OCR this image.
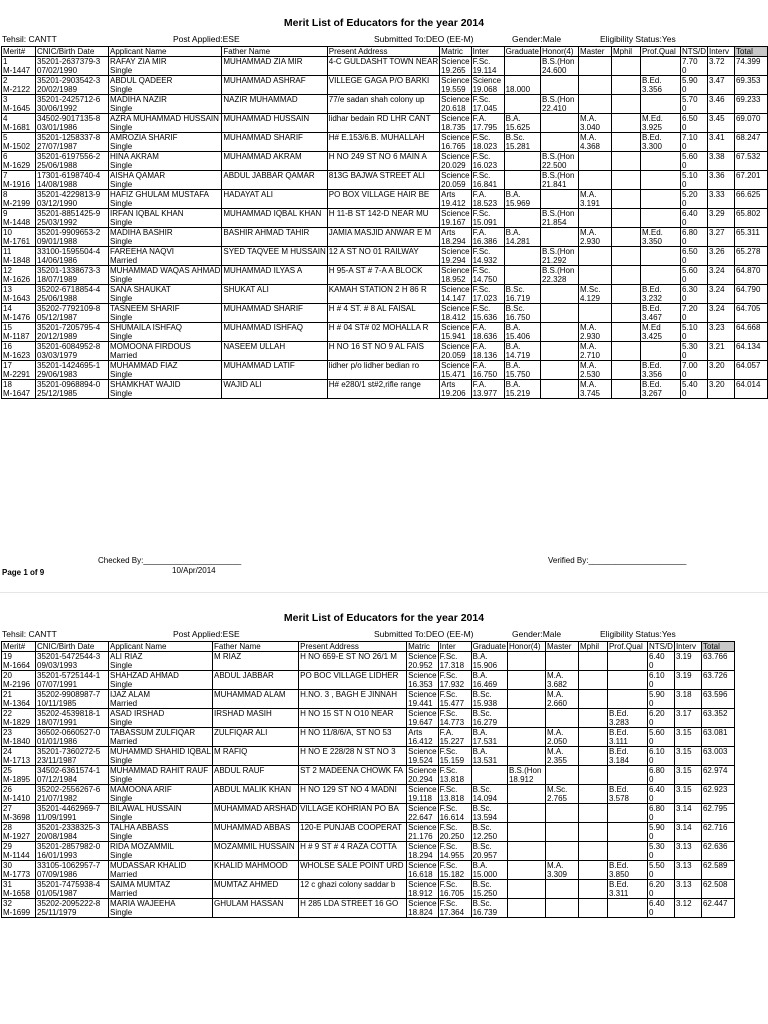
Merit List of Educators for the year 2014
Tehsil: CANTT	Post Applied:ESE	Submitted To:DEO (EE-M)	Gender:Male	Eligibility Status:Yes
Merit#	CNIC/Birth Date	Applicant Name	Father Name	Present Address	Matric	Inter	Graduate	Honor(4)	Master	Mphil	Prof.Qual	NTS/D	Interv	Total
1	35201-2637379-3	RAFAY ZIA MIR	MUHAMMAD ZIA MIR	4-C GULDASHT TOWN NEAR	Science	F.Sc.		B.S.(Hon				7.70	3.72	74.399
M-1447	07/02/1990	Single			19.265	19.114		24.600				0		
2	35201-2903542-3	ABDUL QADEER	MUHAMMAD ASHRAF	VILLEGE GAGA P/O BARKI	Science	Science					B.Ed.	5.90	3.47	69.353
M-2122	20/02/1989	Single			19.559	19.068	18.000				3.356	0		
3	35201-2425712-6	MADIHA NAZIR	NAZIR MUHAMMAD	77/e sadan shah colony up	Science	F.Sc.		B.S.(Hon				5.70	3.46	69.233
M-1645	30/06/1992	Single			20.618	17.045		22.410				0		
4	34502-9017135-8	AZRA MUHAMMAD HUSSAIN	MUHAMMAD HUSSAIN	lidhar bedain RD LHR CANT	Science	F.A.	B.A.		M.A.		M.Ed.	6.50	3.45	69.070
M-1681	03/01/1986	Single			18.735	17.795	15.625		3.040		3.925	0		
5	35201-1258337-8	AMROZIA SHARIF	MUHAMMAD SHARIF	H# E.153/6.B. MUHALLAH	Science	F.Sc.	B.Sc.		M.A.		B.Ed.	7.10	3.41	68.247
M-1502	27/07/1987	Single			16.765	18.023	15.281		4.368		3.300	0		
6	35201-6197556-2	HINA AKRAM	MUHAMMAD AKRAM	H NO 249 ST NO 6 MAIN A	Science	F.Sc.		B.S.(Hon				5.60	3.38	67.532
M-1629	25/06/1988	Single			20.029	16.023		22.500				0		
7	17301-6198740-4	AISHA QAMAR	ABDUL JABBAR QAMAR	813G BAJWA STREET ALI	Science	F.Sc.		B.S.(Hon				5.10	3.36	67.201
M-1916	14/08/1988	Single			20.059	16.841		21.841				0		
8	35201-4229813-9	HAFIZ GHULAM MUSTAFA	HADAYAT ALI	PO BOX VILLAGE HAIR BE	Arts	F.A.	B.A.		M.A.			5.20	3.33	66.625
M-2199	03/12/1990	Single			19.412	18.523	15.969		3.191			0		
9	35201-8851425-9	IRFAN IQBAL KHAN	MUHAMMAD IQBAL KHAN	H 11-B ST 142-D NEAR MU	Science	F.Sc.		B.S.(Hon				6.40	3.29	65.802
M-1448	25/03/1992	Single			19.167	15.091		21.854				0		
10	35201-9909653-2	MADIHA BASHIR	BASHIR AHMAD TAHIR	JAMIA MASJID ANWAR E M	Arts	F.A.	B.A.		M.A.		M.Ed.	6.80	3.27	65.311
M-1761	09/01/1988	Single			18.294	16.386	14.281		2.930		3.350	0		
11	33100-1595504-4	FAREEHA NAQVI	SYED TAQVEE M HUSSAIN	12 A ST NO 01 RAILWAY	Science	F.Sc.		B.S.(Hon				6.50	3.26	65.278
M-1848	14/06/1986	Married			19.294	14.932		21.292				0		
12	35201-1338673-3	MUHAMMAD WAQAS AHMAD	MUHAMMAD ILYAS A	H 95-A ST # 7-A A BLOCK	Science	F.Sc.		B.S.(Hon				5.60	3.24	64.870
M-1626	18/07/1989	Single			18.952	14.750		22.328				0		
13	35202-6718854-4	SANA SHAUKAT	SHUKAT ALI	KAMAH STATION 2 H 86 R	Science	F.Sc.	B.Sc.		M.Sc.		B.Ed.	6.30	3.24	64.790
M-1643	25/06/1988	Single			14.147	17.023	16.719		4.129		3.232	0		
14	35202-7792109-8	TASNEEM SHARIF	MUHAMMAD SHARIF	H # 4 ST. # 8 AL FAISAL	Science	F.Sc.	B.Sc.				B.Ed.	7.20	3.24	64.705
M-1476	05/12/1987	Single			18.412	15.636	16.750				3.467	0		
15	35201-7205795-4	SHUMAILA ISHFAQ	MUHAMMAD ISHFAQ	H # 04 ST# 02 MOHALLA R	Science	F.A.	B.A.		M.A.		M.Ed	5.10	3.23	64.668
M-1187	20/12/1989	Single			15.941	18.636	15.406		2.930		3.425	0		
16	35201-6084952-8	MOMOONA FIRDOUS	NASEEM ULLAH	H NO 16 ST NO 9 AL FAIS	Science	F.A.	B.A.		M.A.			5.30	3.21	64.134
M-1623	03/03/1979	Married			20.059	18.136	14.719		2.710			0		
17	35201-1424695-1	MUHAMMAD FIAZ	MUHAMMAD LATIF	lidher p/o lidher bedian ro	Science	F.A.	B.A.		M.A.		B.Ed.	7.00	3.20	64.057
M-2291	29/06/1983	Single			15.471	16.750	15.750		2.530		3.356	0		
18	35201-0968894-0	SHAMKHAT WAJID	WAJID ALI	H# e280/1 st#2,rifle range	Arts	F.A.	B.A.		M.A.		B.Ed.	5.40	3.20	64.014
M-1647	25/12/1985	Single			19.206	13.977	15.219		3.745		3.267	0		
Checked By:______________________
10/Apr/2014
Verified By:______________________
Page 1 of 9
Merit List of Educators for the year 2014
Tehsil: CANTT	Post Applied:ESE	Submitted To:DEO (EE-M)	Gender:Male	Eligibility Status:Yes
Merit#	CNIC/Birth Date	Applicant Name	Father Name	Present Address	Matric	Inter	Graduate	Honor(4)	Master	Mphil	Prof.Qual	NTS/D	Interv	Total
19	35201-5472544-3	ALI RIAZ	M RIAZ	H NO 659-E ST NO 26/1 M	Science	F.Sc.	B.A.					6.40	3.19	63.766
M-1664	09/03/1993	Single			20.952	17.318	15.906					0		
20	35201-5725144-1	SHAHZAD AHMAD	ABDUL JABBAR	PO BOC VILLAGE LIDHER	Science	F.Sc.	B.A.		M.A.			6.10	3.19	63.726
M-2196	07/07/1991	Single			16.353	17.932	16.469		3.682			0		
21	35202-9908987-7	IJAZ ALAM	MUHAMMAD ALAM	H.NO. 3 , BAGH E JINNAH	Science	F.Sc.	B.Sc.		M.A.			5.90	3.18	63.596
M-1364	10/11/1985	Married			19.441	15.477	15.938		2.660			0		
22	35202-4539818-1	ASAD IRSHAD	IRSHAD MASIH	H NO 15 ST N O10 NEAR	Science	F.Sc.	B.Sc.				B.Ed.	6.20	3.17	63.352
M-1829	18/07/1991	Single			19.647	14.773	16.279				3.283	0		
23	36502-0660527-0	TABASSUM ZULFIQAR	ZULFIQAR ALI	H NO 11/8/6/A, ST NO 53	Arts	F.A.	B.A.		M.A.		B.Ed.	5.60	3.15	63.081
M-1840	01/01/1986	Married			16.412	15.227	17.531		2.050		3.111	0		
24	35201-7360272-5	MUHAMMD SHAHID IQBAL	M RAFIQ	H NO E 228/28 N ST NO 3	Science	F.Sc.	B.A.		M.A.		B.Ed.	6.10	3.15	63.003
M-1713	23/11/1987	Single			19.524	15.159	13.531		2.355		3.184	0		
25	34502-6361574-1	MUHAMMAD RAHIT RAUF	ABDUL RAUF	ST 2 MADEENA CHOWK FA	Science	F.Sc.		B.S.(Hon				6.80	3.15	62.974
M-1895	07/12/1984	Single			20.294	13.818		18.912				0		
26	35202-2556267-6	MAMOONA ARIF	ABDUL MALIK KHAN	H NO 129 ST NO 4 MADNI	Science	F.Sc.	B.Sc.		M.Sc.		B.Ed.	6.40	3.15	62.923
M-1410	21/07/1982	Single			19.118	13.818	14.094		2.765		3.578	0		
27	35201-4462969-7	BILAWAL HUSSAIN	MUHAMMAD ARSHAD	VILLAGE KOHRIAN PO BA	Science	F.Sc.	B.Sc.					6.80	3.14	62.795
M-3698	11/09/1991	Single			22.647	16.614	13.594					0		
28	35201-2338325-3	TALHA ABBASS	MUHAMMAD ABBAS	120-E PUNJAB COOPERAT	Science	F.Sc.	B.Sc.					5.90	3.14	62.716
M-1927	20/08/1984	Single			21.176	20.250	12.250					0		
29	35201-2857982-0	RIDA MOZAMMIL	MOZAMMIL HUSSAIN	H # 9 ST # 4 RAZA COTTA	Science	F.Sc.	B.Sc.					5.30	3.13	62.636
M-1144	16/01/1993	Single			18.294	14.955	20.957					0		
30	33105-1062957-7	MUDASSAR KHALID	KHALID MAHMOOD	WHOLSE SALE POINT URD	Science	F.Sc.	B.A.		M.A.		B.Ed.	5.50	3.13	62.589
M-1773	07/09/1986	Married			16.618	15.182	15.000		3.309		3.850	0		
31	35201-7475938-4	SAIMA MUMTAZ	MUMTAZ AHMED	12 c ghazi colony saddar b	Science	F.Sc.	B.Sc.				B.Ed.	6.20	3.13	62.508
M-1658	01/05/1987	Married			18.912	16.705	15.250				3.311	0		
32	35202-2095222-8	MARIA WAJEEHA	GHULAM HASSAN	H 285 LDA STREET 16 GO	Science	F.Sc.	B.Sc.					6.40	3.12	62.447
M-1699	25/11/1979	Single			18.824	17.364	16.739					0		
